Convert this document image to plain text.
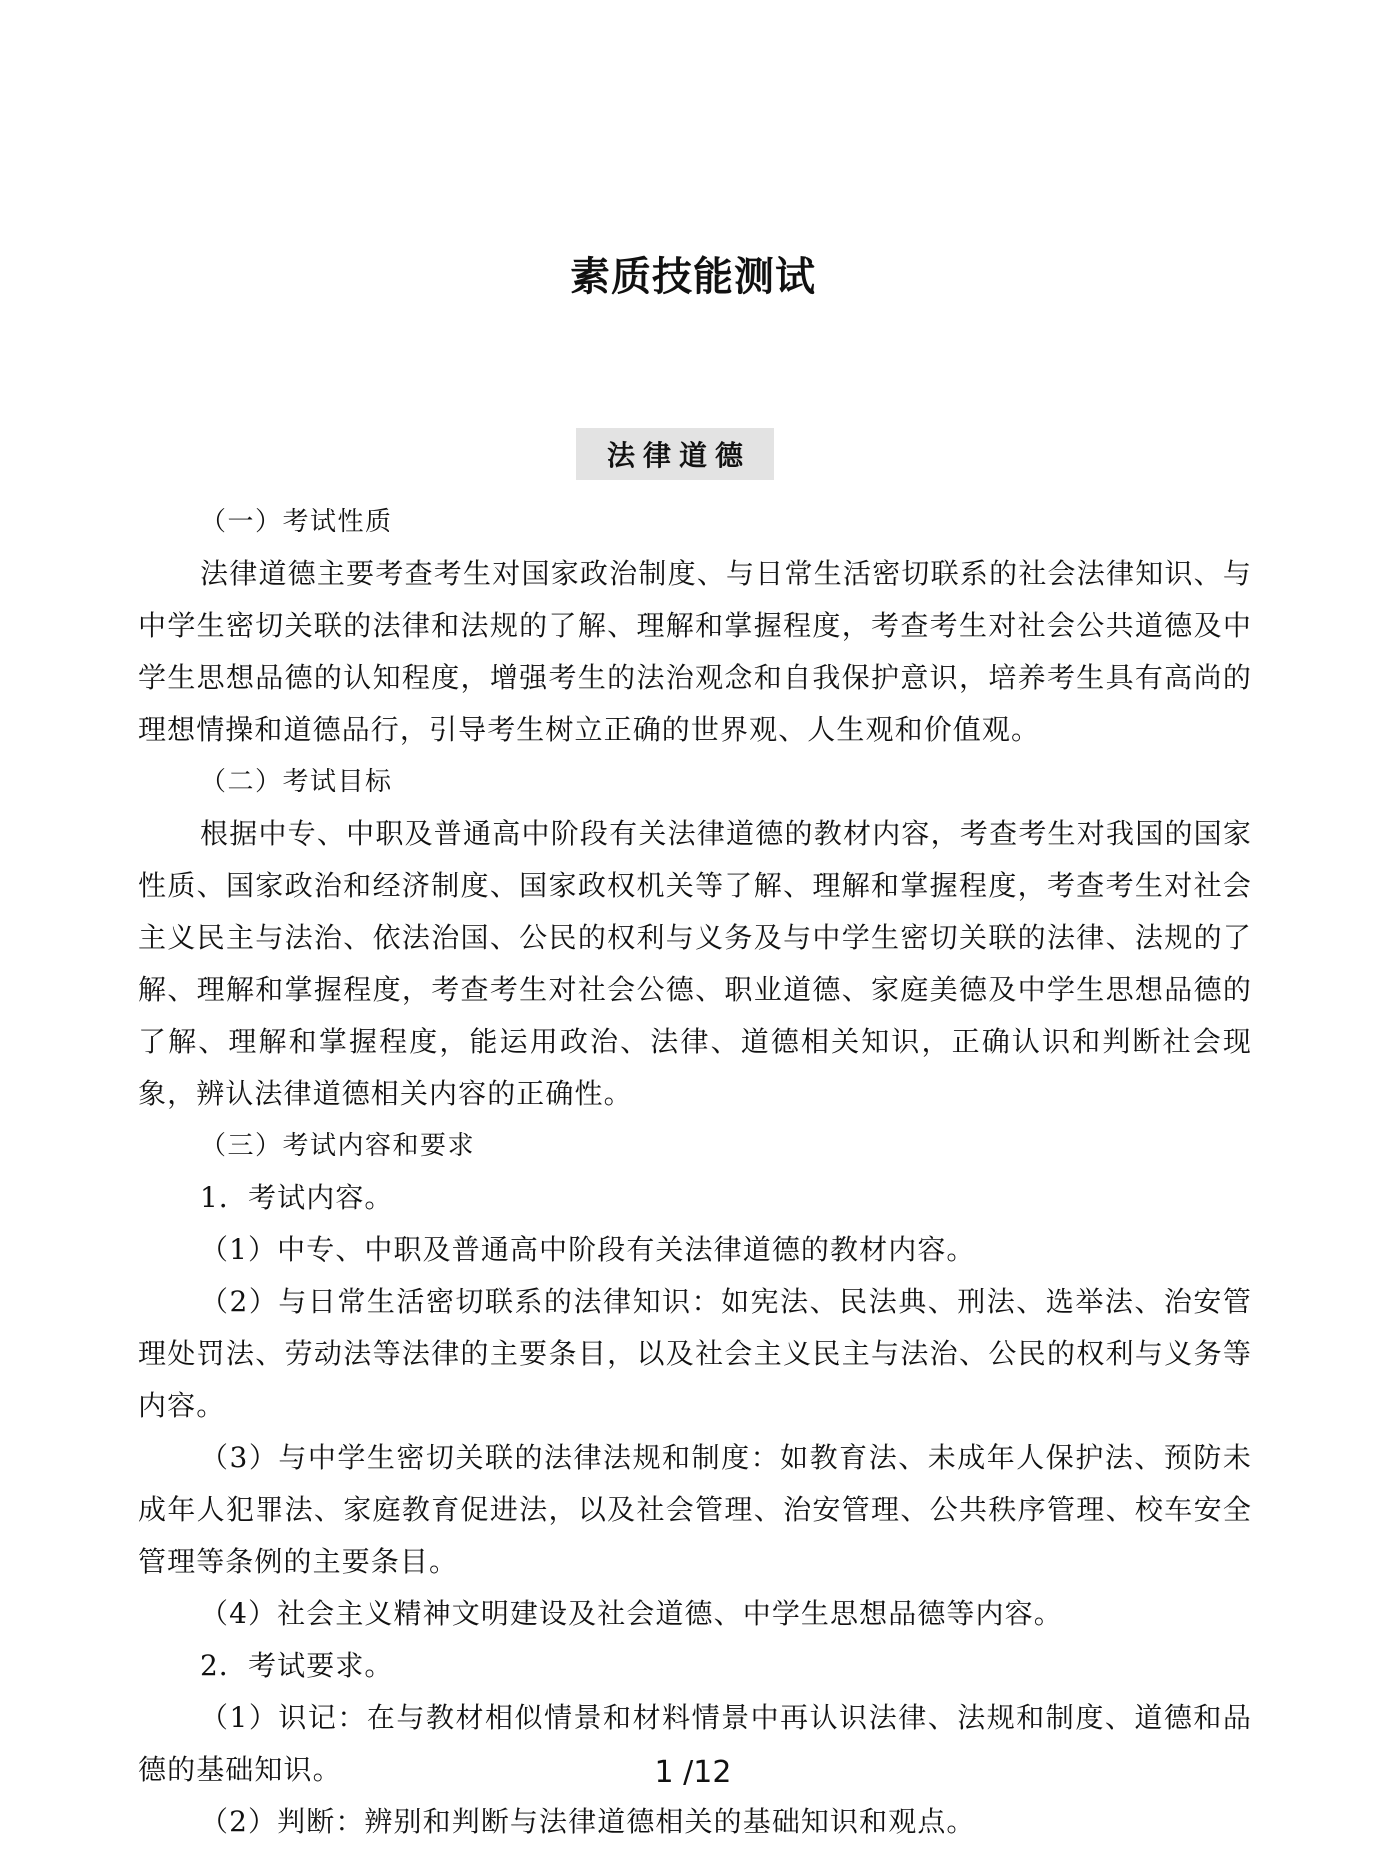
素质技能测试
法律道德

（一）考试性质

法律道德主要考查考生对国家政治制度、与日常生活密切联系的社会法律知识、与中学生密切关联的法律和法规的了解、理解和掌握程度，考查考生对社会公共道德及中学生思想品德的认知程度，增强考生的法治观念和自我保护意识，培养考生具有高尚的理想情操和道德品行，引导考生树立正确的世界观、人生观和价值观。

（二）考试目标

根据中专、中职及普通高中阶段有关法律道德的教材内容，考查考生对我国的国家性质、国家政治和经济制度、国家政权机关等了解、理解和掌握程度，考查考生对社会主义民主与法治、依法治国、公民的权利与义务及与中学生密切关联的法律、法规的了解、理解和掌握程度，考查考生对社会公德、职业道德、家庭美德及中学生思想品德的了解、理解和掌握程度，能运用政治、法律、道德相关知识，正确认识和判断社会现象，辨认法律道德相关内容的正确性。

（三）考试内容和要求

1．考试内容。

（1）中专、中职及普通高中阶段有关法律道德的教材内容。

（2）与日常生活密切联系的法律知识：如宪法、民法典、刑法、选举法、治安管理处罚法、劳动法等法律的主要条目，以及社会主义民主与法治、公民的权利与义务等内容。

（3）与中学生密切关联的法律法规和制度：如教育法、未成年人保护法、预防未成年人犯罪法、家庭教育促进法，以及社会管理、治安管理、公共秩序管理、校车安全管理等条例的主要条目。

（4）社会主义精神文明建设及社会道德、中学生思想品德等内容。

2．考试要求。

（1）识记：在与教材相似情景和材料情景中再认识法律、法规和制度、道德和品德的基础知识。

（2）判断：辨别和判断与法律道德相关的基础知识和观点。

1 /12
